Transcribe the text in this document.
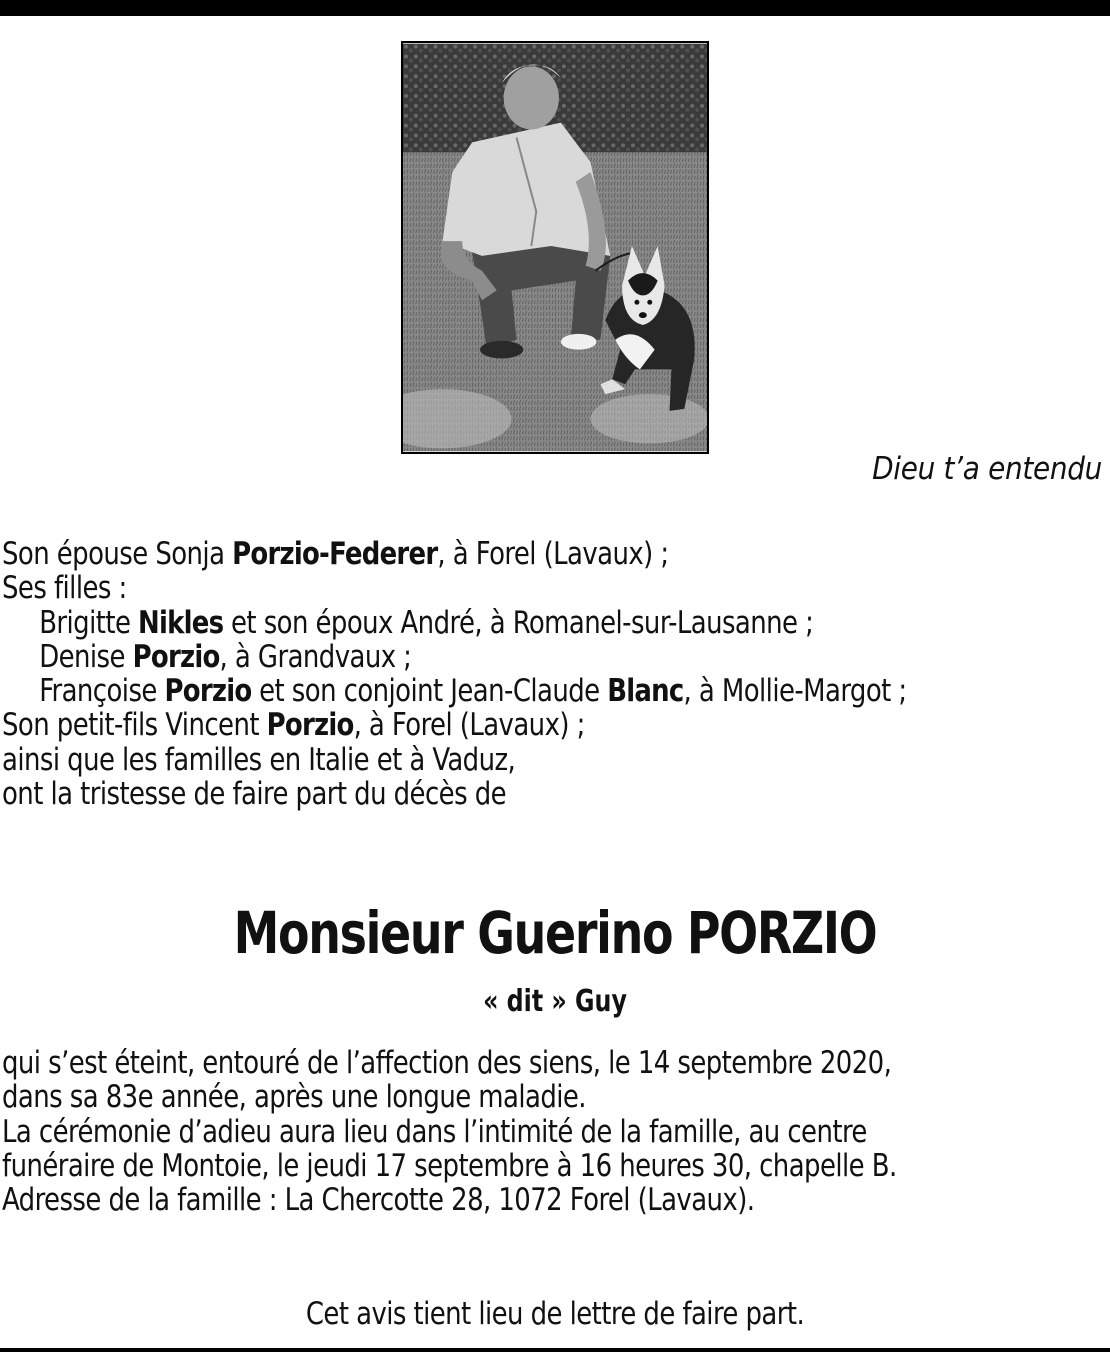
Dieu t’a entendu
Son épouse Sonja Porzio-Federer, à Forel (Lavaux) ;
Ses filles :
Brigitte Nikles et son époux André, à Romanel-sur-Lausanne ;
Denise Porzio, à Grandvaux ;
Françoise Porzio et son conjoint Jean-Claude Blanc, à Mollie-Margot ;
Son petit-fils Vincent Porzio, à Forel (Lavaux) ;
ainsi que les familles en Italie et à Vaduz,
ont la tristesse de faire part du décès de
Monsieur Guerino PORZIO
« dit » Guy
qui s’est éteint, entouré de l’affection des siens, le 14 septembre 2020,
dans sa 83e année, après une longue maladie.
La cérémonie d’adieu aura lieu dans l’intimité de la famille, au centre
funéraire de Montoie, le jeudi 17 septembre à 16 heures 30, chapelle B.
Adresse de la famille : La Chercotte 28, 1072 Forel (Lavaux).
Cet avis tient lieu de lettre de faire part.
